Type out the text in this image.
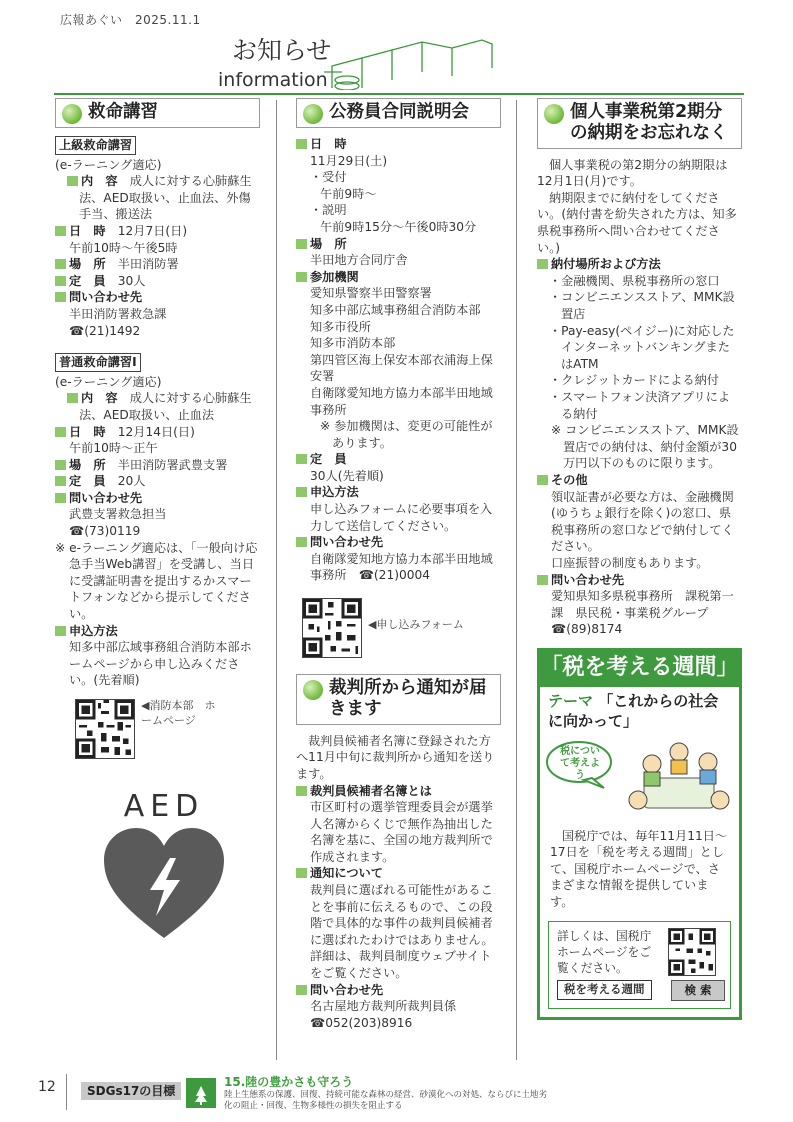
広報あぐい　2025.11.1
お知らせ
information
救命講習
上級救命講習

(e-ラーニング適応)

内　容　 成人に対する心肺蘇生法、AED取扱い、止血法、外傷手当、搬送法

日　時　 12月7日(日)

午前10時～午後5時

場　所　 半田消防署

定　員　 30人

問い合わせ先

半田消防署救急課

☎ (21)1492

普通救命講習Ⅰ

(e-ラーニング適応)

内　容　 成人に対する心肺蘇生法、AED取扱い、止血法

日　時　 12月14日(日)

午前10時～正午

場　所　 半田消防署武豊支署

定　員　 20人

問い合わせ先

武豊支署救急担当

☎ (73)0119

※ e-ラーニング適応は、「一般向け応急手当Web講習」を受講し、当日に受講証明書を提出するかスマートフォンなどから提示してください。

申込方法

知多中部広域事務組合消防本部ホームページから申し込みください。(先着順)

◀消防本部　ホームページ
AED
公務員合同説明会

日　時

11月29日(土)

・受付

午前9時～

・説明

午前9時15分～午後0時30分

場　所

半田地方合同庁舎

参加機関

愛知県警察半田警察署

知多中部広域事務組合消防本部

知多市役所

知多市消防本部

第四管区海上保安本部衣浦海上保安署

自衛隊愛知地方協力本部半田地域事務所

※ 参加機関は、変更の可能性があります。

定　員

30人(先着順)

申込方法

申し込みフォームに必要事項を入力して送信してください。

問い合わせ先

自衛隊愛知地方協力本部半田地域事務所　☎(21)0004

◀申し込みフォーム
裁判所から通知が届きます

裁判員候補者名簿に登録された方へ11月中旬に裁判所から通知を送ります。

裁判員候補者名簿とは

市区町村の選挙管理委員会が選挙人名簿からくじで無作為抽出した名簿を基に、全国の地方裁判所で作成されます。

通知について

裁判員に選ばれる可能性があることを事前に伝えるもので、この段階で具体的な事件の裁判員候補者に選ばれたわけではありません。

詳細は、裁判員制度ウェブサイトをご覧ください。

問い合わせ先

名古屋地方裁判所裁判員係

☎ 052(203)8916

個人事業税第2期分の納期をお忘れなく

個人事業税の第2期分の納期限は12月1日(月)です。

納期限までに納付をしてください。(納付書を紛失された方は、知多県税事務所へ問い合わせてください。)

納付場所および方法

・金融機関、県税事務所の窓口

・コンビニエンスストア、MMK設置店

・Pay-easy(ペイジー)に対応したインターネットバンキングまたはATM

・クレジットカードによる納付

・スマートフォン決済アプリによる納付

※ コンビニエンスストア、MMK設置店での納付は、納付金額が30万円以下のものに限ります。

その他

領収証書が必要な方は、金融機関(ゆうちょ銀行を除く)の窓口、県税事務所の窓口などで納付してください。

口座振替の制度もあります。

問い合わせ先

愛知県知多県税事務所　課税第一課　県民税・事業税グループ

☎ (89)8174

「税を考える週間」
テーマ 「これからの社会に向かって」
税について考えよう
国税庁では、毎年11月11日～17日を「税を考える週間」として、国税庁ホームページで、さまざまな情報を提供しています。
詳しくは、国税庁ホームページをご覧ください。
税を考える週間	検 索
12	SDGs17の目標
15.陸の豊かさも守ろう
陸上生態系の保護、回復、持続可能な森林の経営、砂漠化への対処、ならびに土地劣化の阻止・回復、生物多様性の損失を阻止する
